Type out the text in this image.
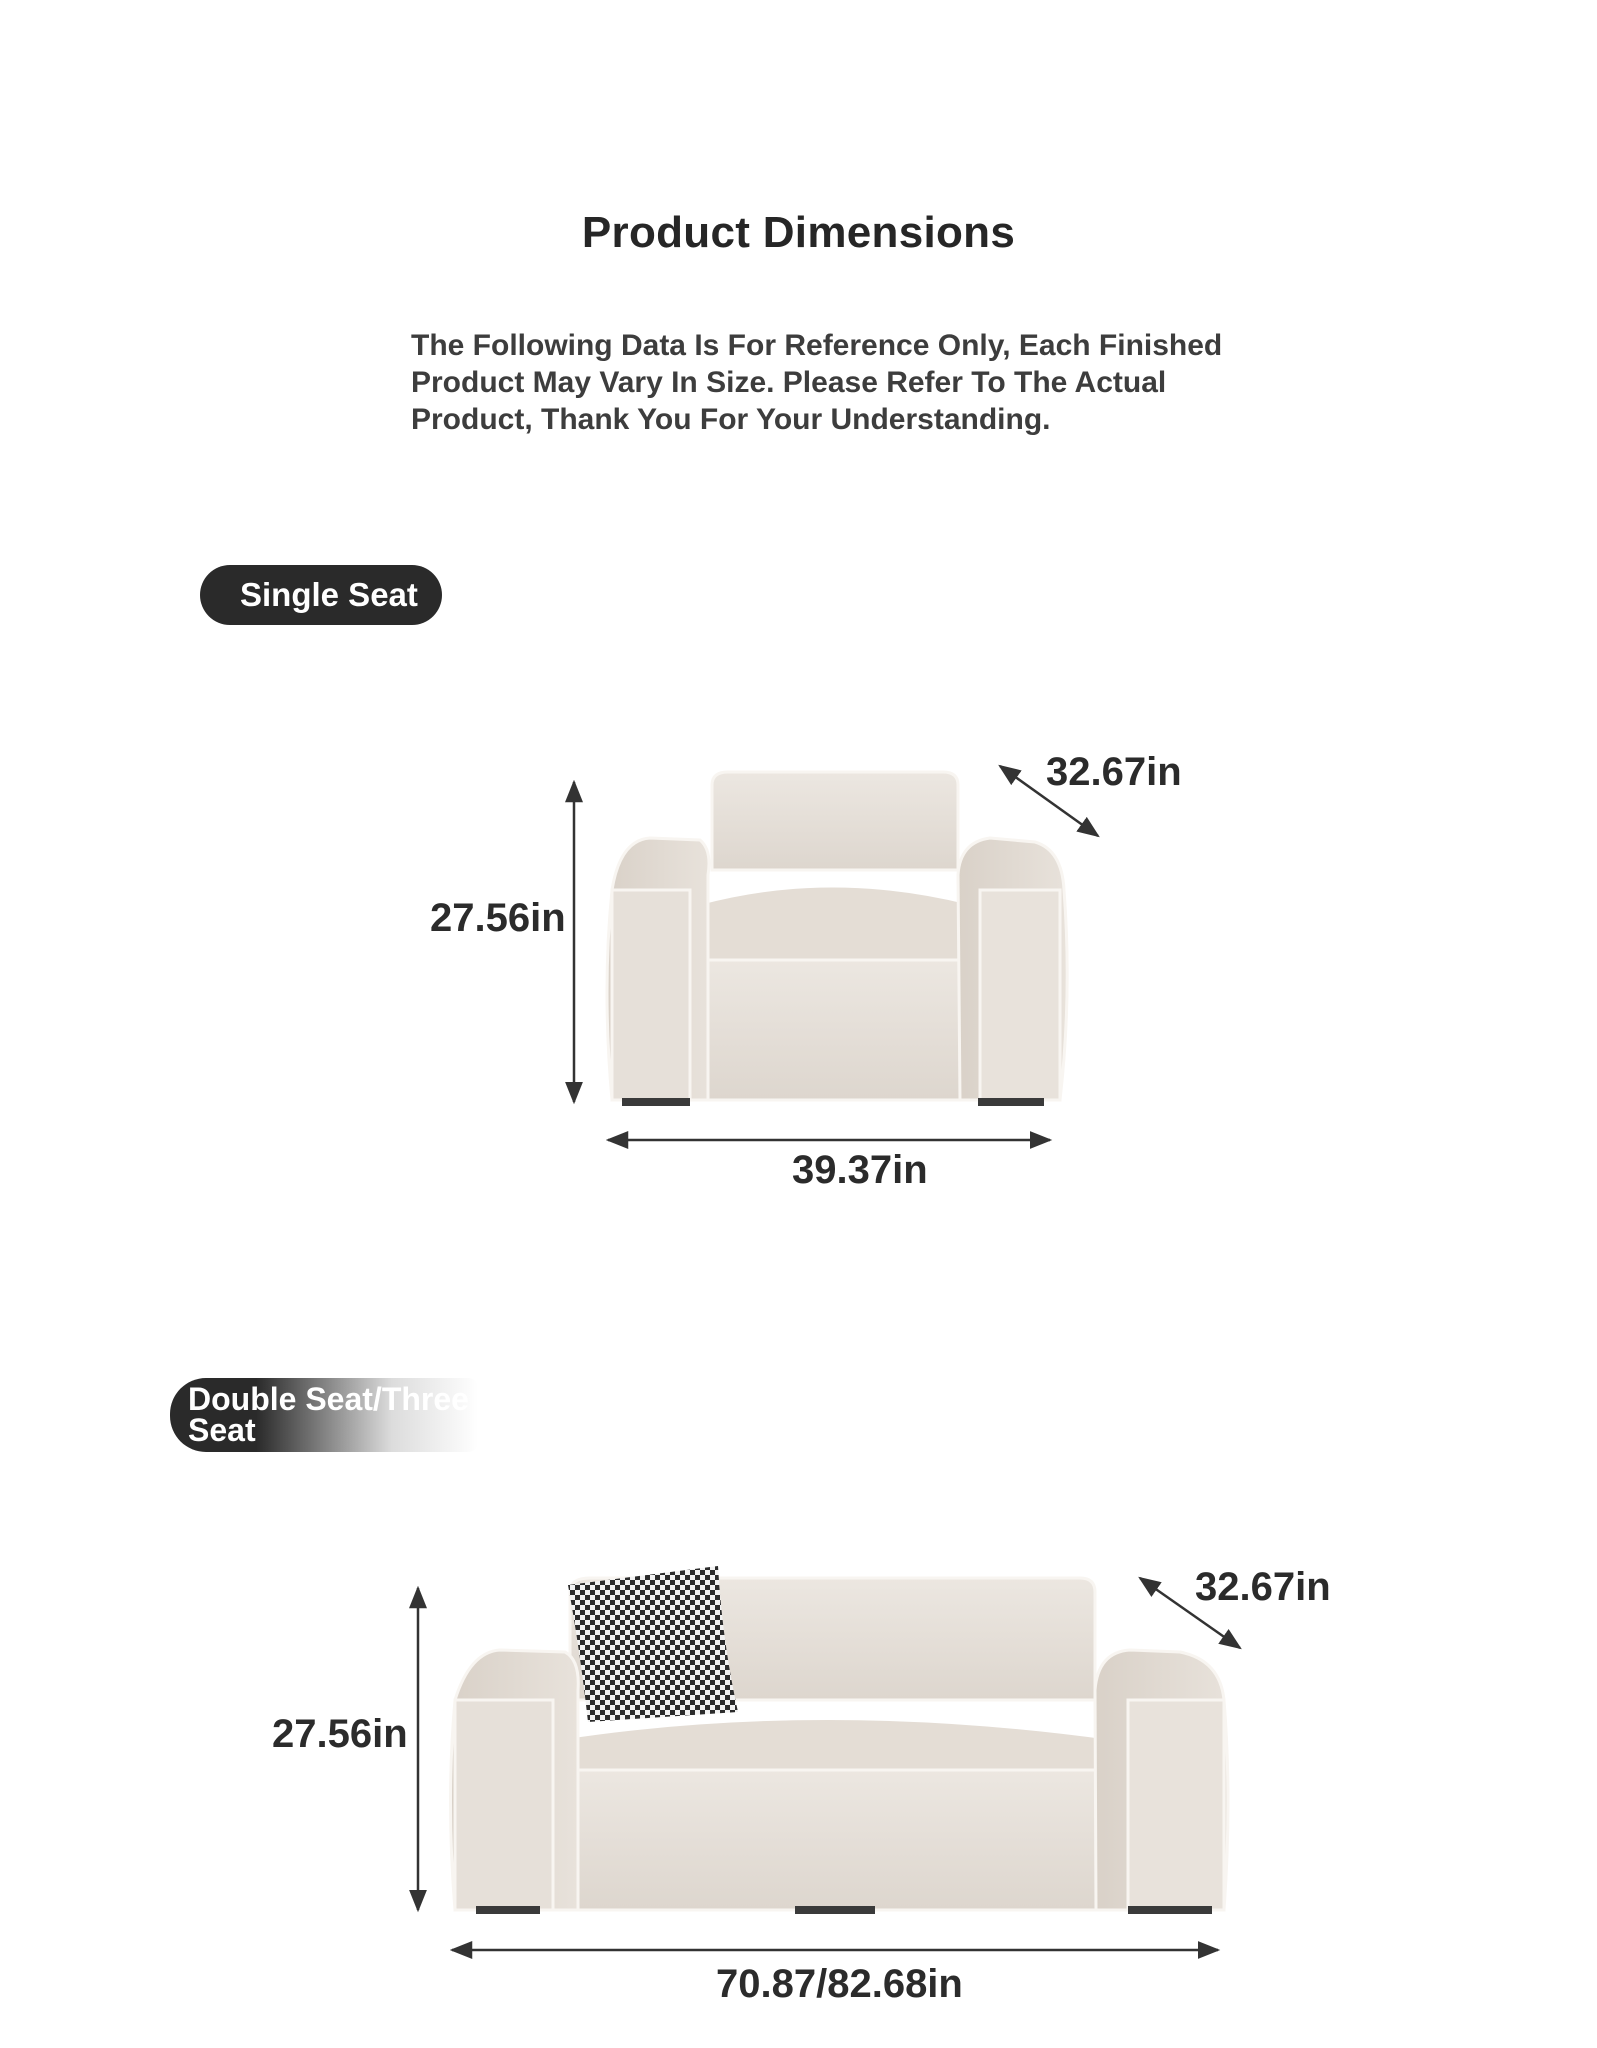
Product Dimensions
The Following Data Is For Reference Only, Each Finished Product May Vary In Size. Please Refer To The Actual Product, Thank You For Your Understanding.
Single Seat
Double Seat/Three Seat
27.56in
39.37in
32.67in
27.56in
70.87/82.68in
32.67in
